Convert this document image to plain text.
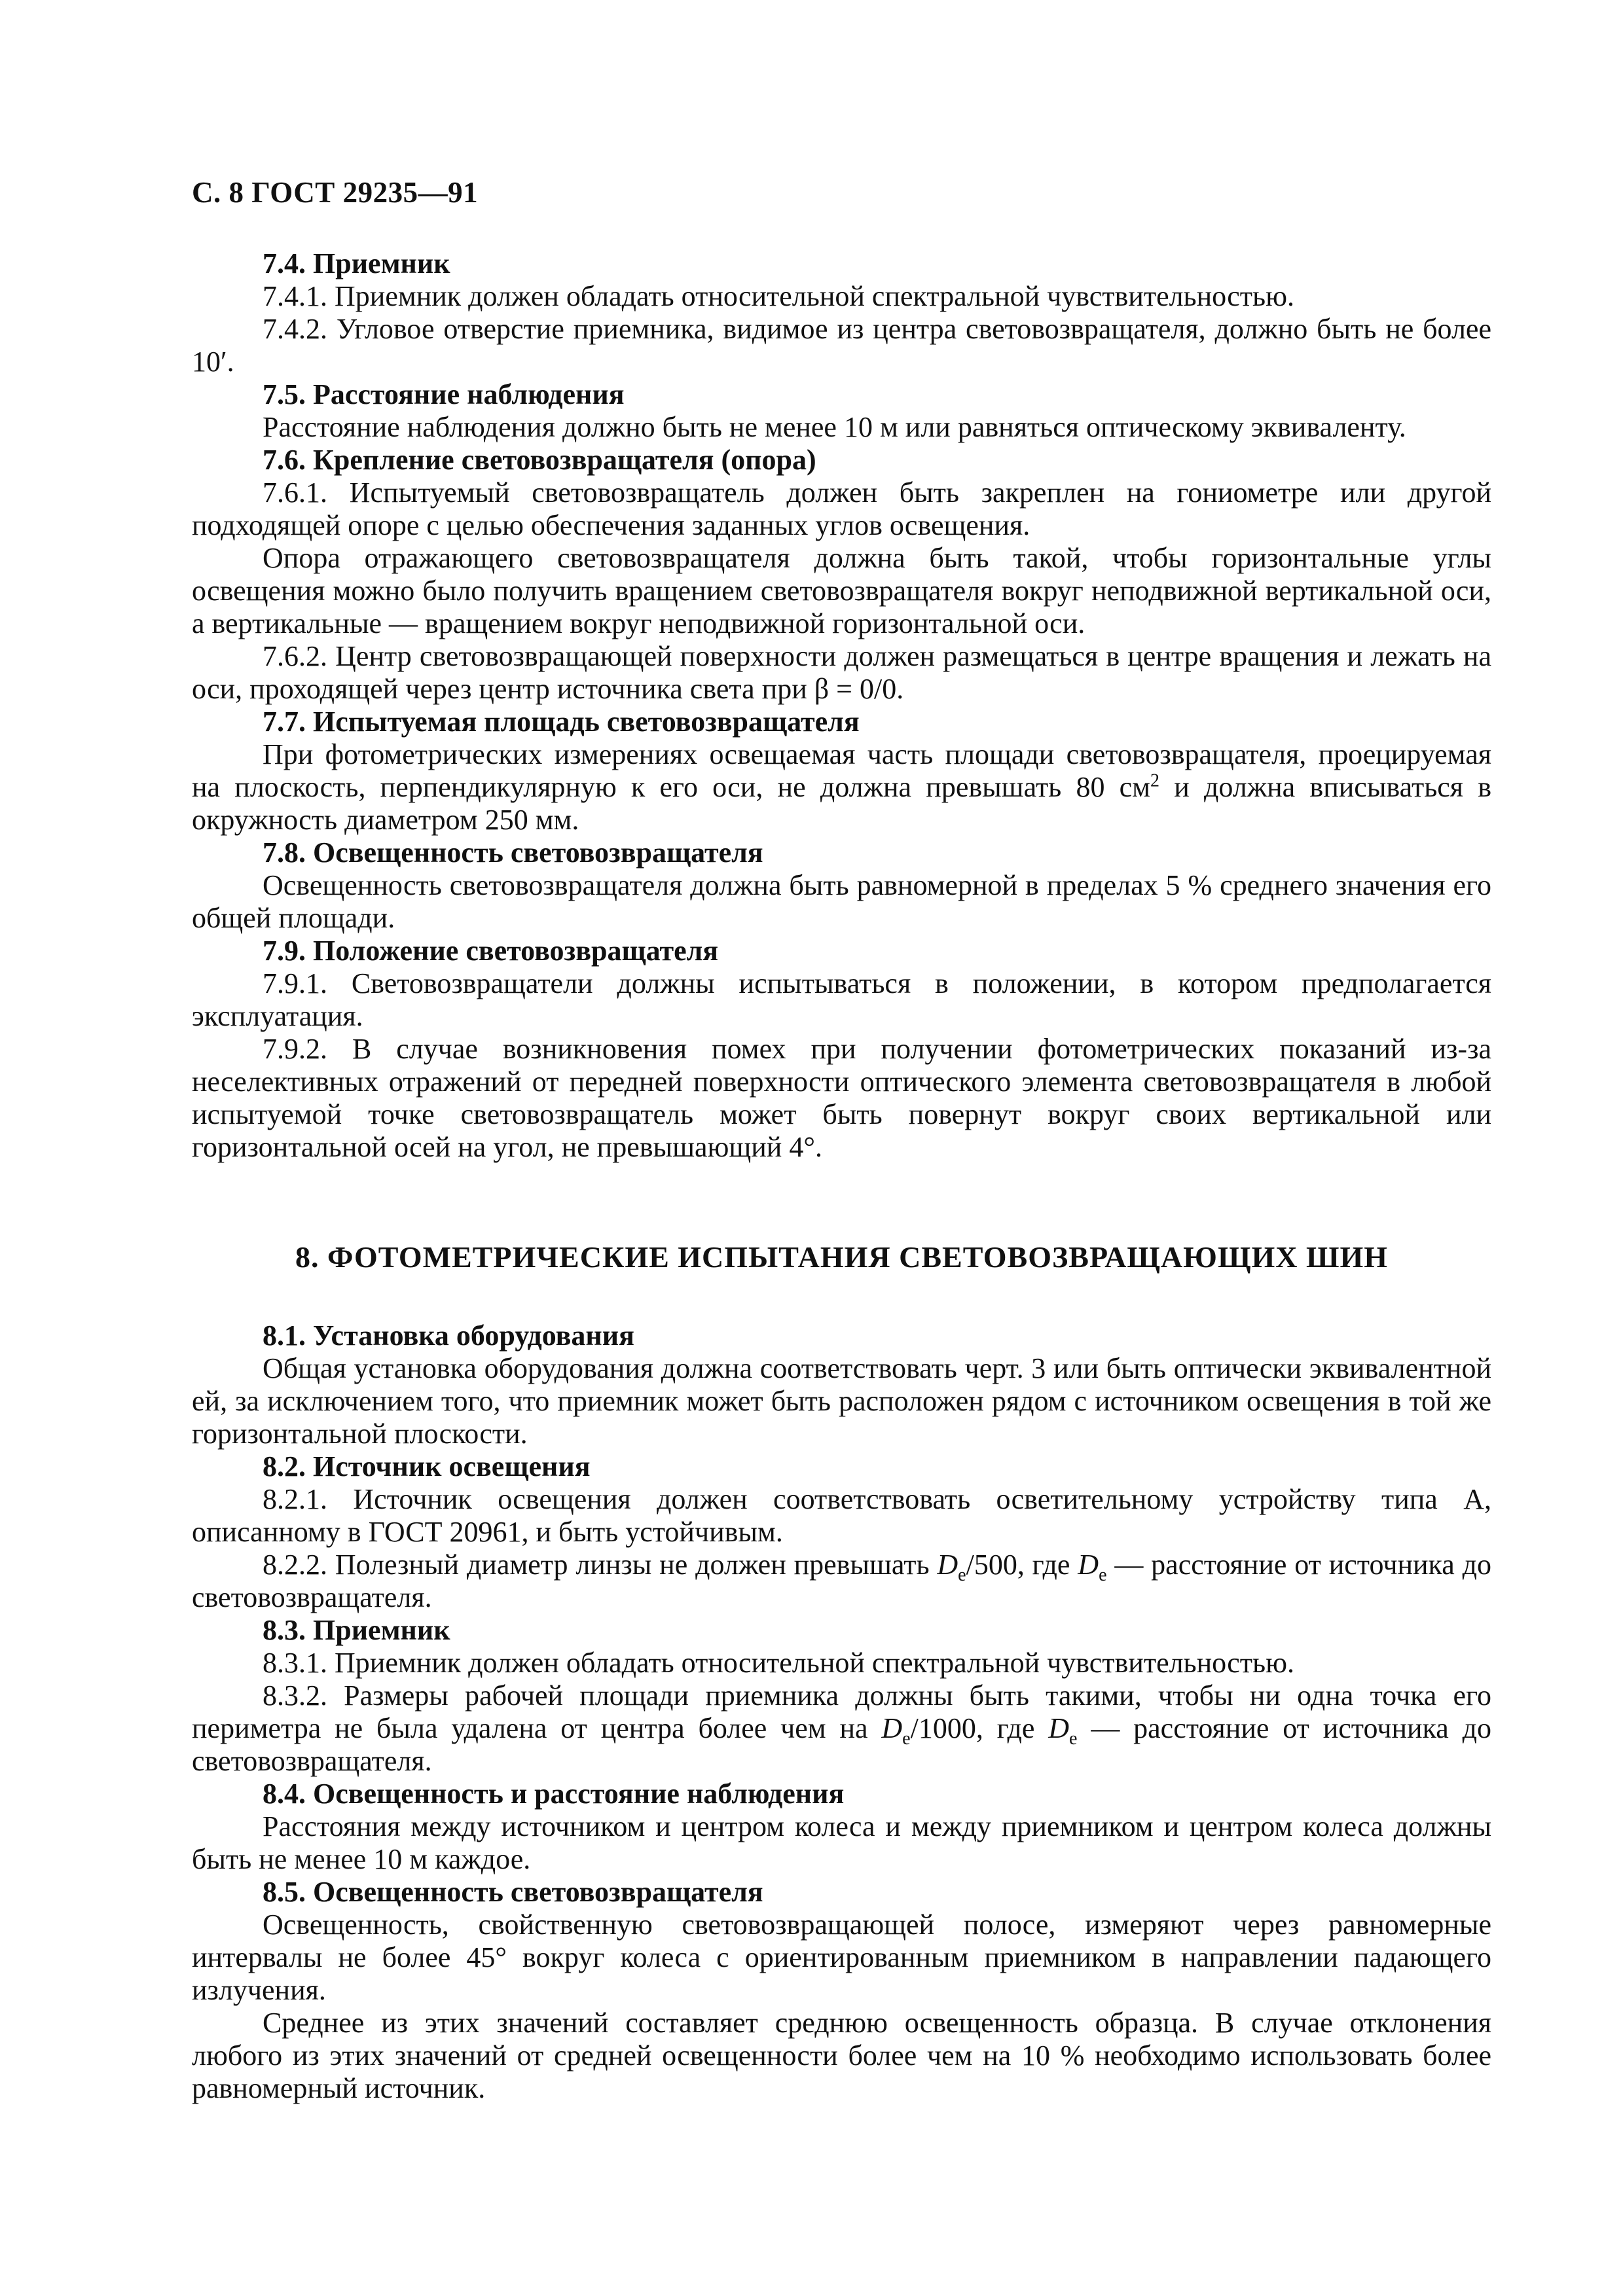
С. 8 ГОСТ 29235—91
7.4. Приемник
7.4.1. Приемник должен обладать относительной спектральной чувствительностью.
7.4.2. Угловое отверстие приемника, видимое из центра световозвращателя, должно быть не более 10′.
7.5. Расстояние наблюдения
Расстояние наблюдения должно быть не менее 10 м или равняться оптическому эквиваленту.
7.6. Крепление световозвращателя (опора)
7.6.1. Испытуемый световозвращатель должен быть закреплен на гониометре или другой подходящей опоре с целью обеспечения заданных углов освещения.
Опора отражающего световозвращателя должна быть такой, чтобы горизонтальные углы освещения можно было получить вращением световозвращателя вокруг неподвижной вертикальной оси, а вертикальные — вращением вокруг неподвижной горизонтальной оси.
7.6.2. Центр световозвращающей поверхности должен размещаться в центре вращения и лежать на оси, проходящей через центр источника света при β = 0/0.
7.7. Испытуемая площадь световозвращателя
При фотометрических измерениях освещаемая часть площади световозвращателя, проецируемая на плоскость, перпендикулярную к его оси, не должна превышать 80 $см^2$ и должна вписываться в окружность диаметром 250 мм.
7.8. Освещенность световозвращателя
Освещенность световозвращателя должна быть равномерной в пределах 5 % среднего значения его общей площади.
7.9. Положение световозвращателя
7.9.1. Световозвращатели должны испытываться в положении, в котором предполагается эксплуатация.
7.9.2. В случае возникновения помех при получении фотометрических показаний из-за неселективных отражений от передней поверхности оптического элемента световозвращателя в любой испытуемой точке световозвращатель может быть повернут вокруг своих вертикальной или горизонтальной осей на угол, не превышающий 4°.
8. ФОТОМЕТРИЧЕСКИЕ ИСПЫТАНИЯ СВЕТОВОЗВРАЩАЮЩИХ ШИН
8.1. Установка оборудования
Общая установка оборудования должна соответствовать черт. 3 или быть оптически эквивалентной ей, за исключением того, что приемник может быть расположен рядом с источником освещения в той же горизонтальной плоскости.
8.2. Источник освещения
8.2.1. Источник освещения должен соответствовать осветительному устройству типа А, описанному в ГОСТ 20961, и быть устойчивым.
8.2.2. Полезный диаметр линзы не должен превышать $D_e/500$, где $D_e$ — расстояние от источника до световозвращателя.
8.3. Приемник
8.3.1. Приемник должен обладать относительной спектральной чувствительностью.
8.3.2. Размеры рабочей площади приемника должны быть такими, чтобы ни одна точка его периметра не была удалена от центра более чем на $D_e/1000$, где $D_e$ — расстояние от источника до световозвращателя.
8.4. Освещенность и расстояние наблюдения
Расстояния между источником и центром колеса и между приемником и центром колеса должны быть не менее 10 м каждое.
8.5. Освещенность световозвращателя
Освещенность, свойственную световозвращающей полосе, измеряют через равномерные интервалы не более 45° вокруг колеса с ориентированным приемником в направлении падающего излучения.
Среднее из этих значений составляет среднюю освещенность образца. В случае отклонения любого из этих значений от средней освещенности более чем на 10 % необходимо использовать более равномерный источник.
